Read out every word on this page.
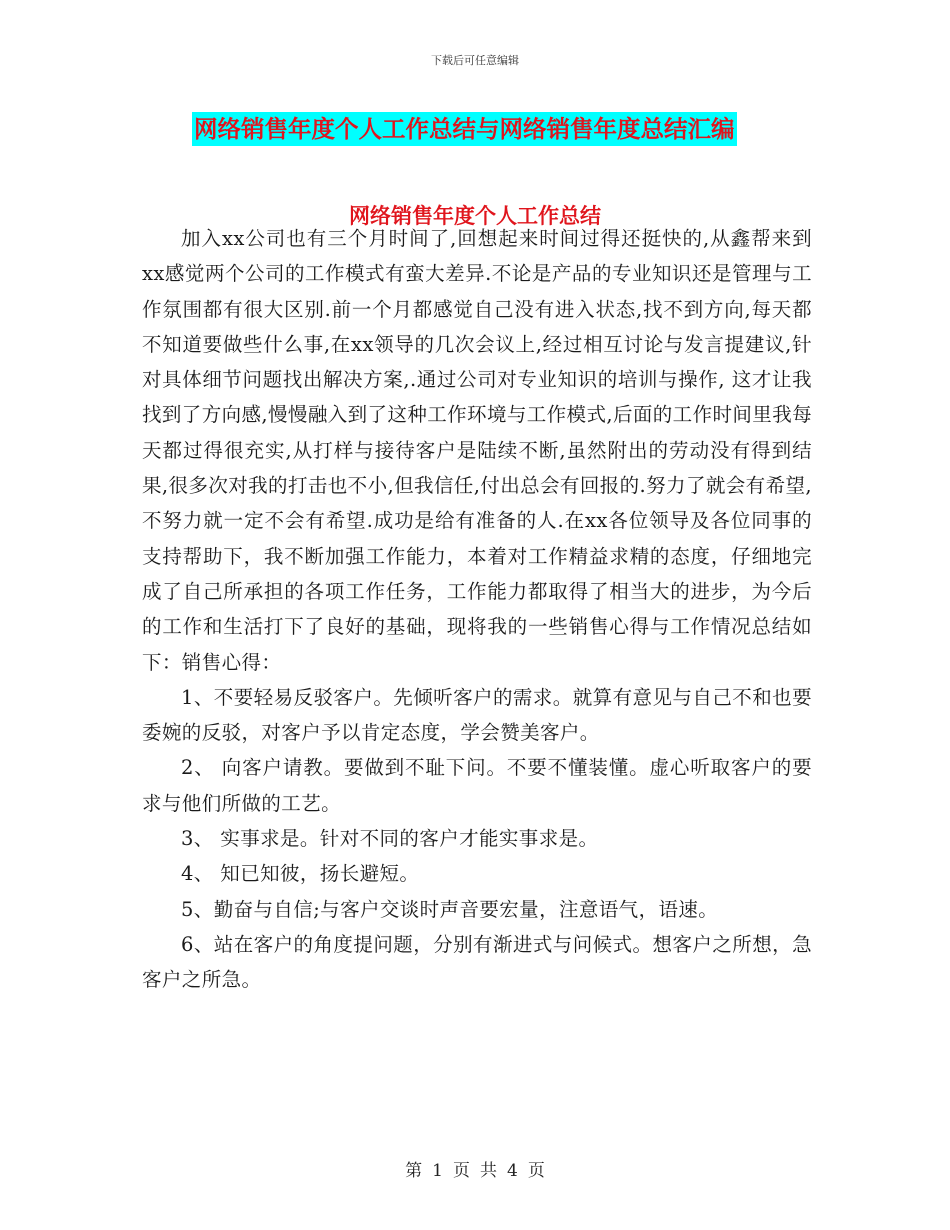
下载后可任意编辑
网络销售年度个人工作总结与网络销售年度总结汇编
网络销售年度个人工作总结

加入xx公司也有三个月时间了,回想起来时间过得还挺快的,从鑫帮来到xx感觉两个公司的工作模式有蛮大差异.不论是产品的专业知识还是管理与工作氛围都有很大区别.前一个月都感觉自己没有进入状态,找不到方向,每天都不知道要做些什么事,在xx领导的几次会议上,经过相互讨论与发言提建议,针对具体细节问题找出解决方案,.通过公司对专业知识的培训与操作, 这才让我找到了方向感,慢慢融入到了这种工作环境与工作模式,后面的工作时间里我每天都过得很充实,从打样与接待客户是陆续不断,虽然附出的劳动没有得到结果,很多次对我的打击也不小,但我信任,付出总会有回报的.努力了就会有希望,不努力就一定不会有希望.成功是给有准备的人.在xx各位领导及各位同事的支持帮助下，我不断加强工作能力，本着对工作精益求精的态度，仔细地完成了自己所承担的各项工作任务，工作能力都取得了相当大的进步，为今后的工作和生活打下了良好的基础，现将我的一些销售心得与工作情况总结如下：销售心得：

1、不要轻易反驳客户。先倾听客户的需求。就算有意见与自己不和也要委婉的反驳，对客户予以肯定态度，学会赞美客户。

2、 向客户请教。要做到不耻下问。不要不懂装懂。虚心听取客户的要求与他们所做的工艺。

3、 实事求是。针对不同的客户才能实事求是。

4、 知已知彼，扬长避短。

5、勤奋与自信;与客户交谈时声音要宏量，注意语气，语速。

6、站在客户的角度提问题，分别有渐进式与问候式。想客户之所想，急客户之所急。

第 1 页 共 4 页
